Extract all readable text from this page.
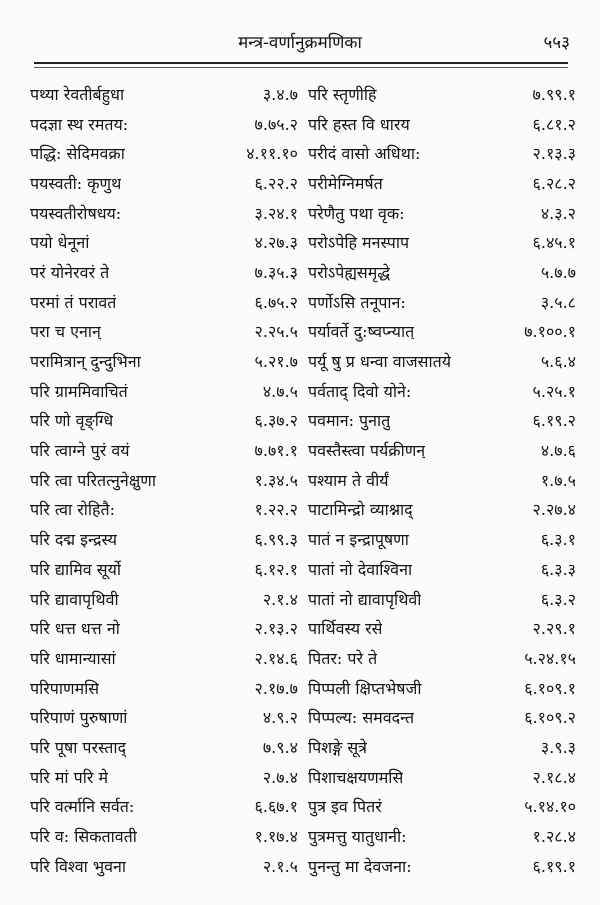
मन्त्र-वर्णानुक्रमणिका	५५३
पथ्या रेवतीर्बहुधा	३.४.७
पदज्ञा स्थ रमतय:	७.७५.२
पद्धि: सेदिमवक्रा	४.११.१०
पयस्वती: कृणुथ	६.२२.२
पयस्वतीरोषधय:	३.२४.१
पयो धेनूनां	४.२७.३
परं योनेरवरं ते	७.३५.३
परमां तं परावतं	६.७५.२
परा च एनान्	२.२५.५
परामित्रान् दुन्दुभिना	५.२१.७
परि ग्राममिवाचितं	४.७.५
परि णो वृङ्ग्धि	६.३७.२
परि त्वाग्ने पुरं वयं	७.७१.१
परि त्वा परितत्नुनेक्षुणा	१.३४.५
परि त्वा रोहितै:	१.२२.२
परि दद्म इन्द्रस्य	६.९९.३
परि द्यामिव सूर्यो	६.१२.१
परि द्यावापृथिवी	२.१.४
परि धत्त धत्त नो	२.१३.२
परि धामान्यासां	२.१४.६
परिपाणमसि	२.१७.७
परिपाणं पुरुषाणां	४.९.२
परि पूषा परस्ताद्	७.९.४
परि मां परि मे	२.७.४
परि वर्त्मानि सर्वत:	६.६७.१
परि व: सिकतावती	१.१७.४
परि विश्वा भुवना	२.१.५
परि स्तृणीहि	७.९९.१
परि हस्त वि धारय	६.८१.२
परीदं वासो अधिथा:	२.१३.३
परीमेग्निमर्षत	६.२८.२
परेणैतु पथा वृक:	४.३.२
परोऽपेहि मनस्पाप	६.४५.१
परोऽपेह्यसमृद्धे	५.७.७
पर्णोऽसि तनूपान:	३.५.८
पर्यावर्ते दु:ष्वप्न्यात्	७.१००.१
पर्यू षु प्र धन्वा वाजसातये	५.६.४
पर्वताद् दिवो योने:	५.२५.१
पवमान: पुनातु	६.१९.२
पवस्तैस्त्वा पर्यक्रीणन्	४.७.६
पश्याम ते वीर्यं	१.७.५
पाटामिन्द्रो व्याश्नाद्	२.२७.४
पातं न इन्द्रापूषणा	६.३.१
पातां नो देवाश्विना	६.३.३
पातां नो द्यावापृथिवी	६.३.२
पार्थिवस्य रसे	२.२९.१
पितर: परे ते	५.२४.१५
पिप्पली क्षिप्तभेषजी	६.१०९.१
पिप्पल्य: समवदन्त	६.१०९.२
पिशङ्गे सूत्रे	३.९.३
पिशाचक्षयणमसि	२.१८.४
पुत्र इव पितरं	५.१४.१०
पुत्रमत्तु यातुधानी:	१.२८.४
पुनन्तु मा देवजना:	६.१९.१
